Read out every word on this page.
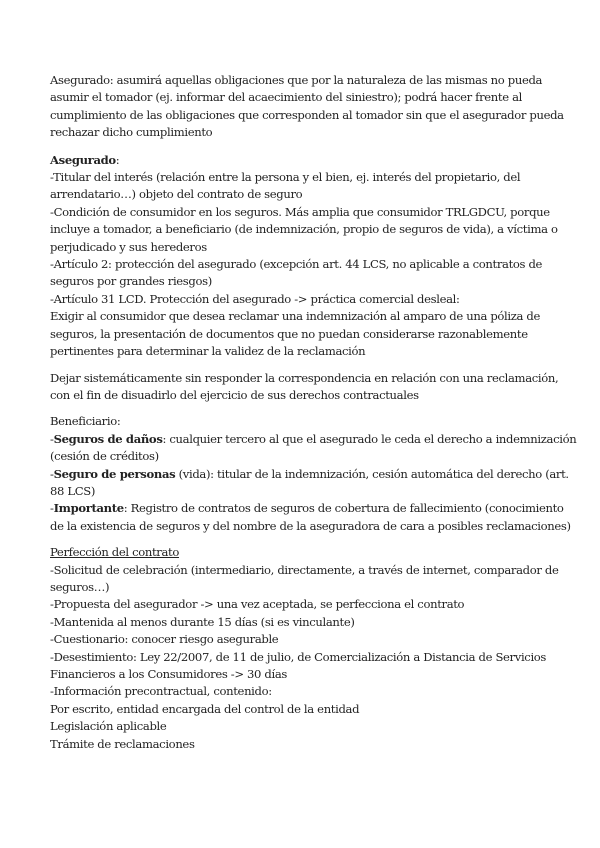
Asegurado: asumirá aquellas obligaciones que por la naturaleza de las mismas no pueda asumir el tomador (ej. informar del acaecimiento del siniestro); podrá hacer frente al cumplimiento de las obligaciones que corresponden al tomador sin que el asegurador pueda rechazar dicho cumplimiento

Asegurado:

-Titular del interés (relación entre la persona y el bien, ej. interés del propietario, del arrendatario…) objeto del contrato de seguro

-Condición de consumidor en los seguros. Más amplia que consumidor TRLGDCU, porque incluye a tomador, a beneficiario (de indemnización, propio de seguros de vida), a víctima o perjudicado y sus herederos

-Artículo 2: protección del asegurado (excepción art. 44 LCS, no aplicable a contratos de seguros por grandes riesgos)

-Artículo 31 LCD. Protección del asegurado -> práctica comercial desleal:

Exigir al consumidor que desea reclamar una indemnización al amparo de una póliza de seguros, la presentación de documentos que no puedan considerarse razonablemente pertinentes para determinar la validez de la reclamación

Dejar sistemáticamente sin responder la correspondencia en relación con una reclamación, con el fin de disuadirlo del ejercicio de sus derechos contractuales

Beneficiario:

-Seguros de daños: cualquier tercero al que el asegurado le ceda el derecho a indemnización (cesión de créditos)

-Seguro de personas (vida): titular de la indemnización, cesión automática del derecho (art. 88 LCS)

-Importante: Registro de contratos de seguros de cobertura de fallecimiento (conocimiento de la existencia de seguros y del nombre de la aseguradora de cara a posibles reclamaciones)

Perfección del contrato

-Solicitud de celebración (intermediario, directamente, a través de internet, comparador de seguros…)

-Propuesta del asegurador -> una vez aceptada, se perfecciona el contrato

-Mantenida al menos durante 15 días (si es vinculante)

-Cuestionario: conocer riesgo asegurable

-Desestimiento: Ley 22/2007, de 11 de julio, de Comercialización a Distancia de Servicios Financieros a los Consumidores -> 30 días

-Información precontractual, contenido:

Por escrito, entidad encargada del control de la entidad

Legislación aplicable

Trámite de reclamaciones
